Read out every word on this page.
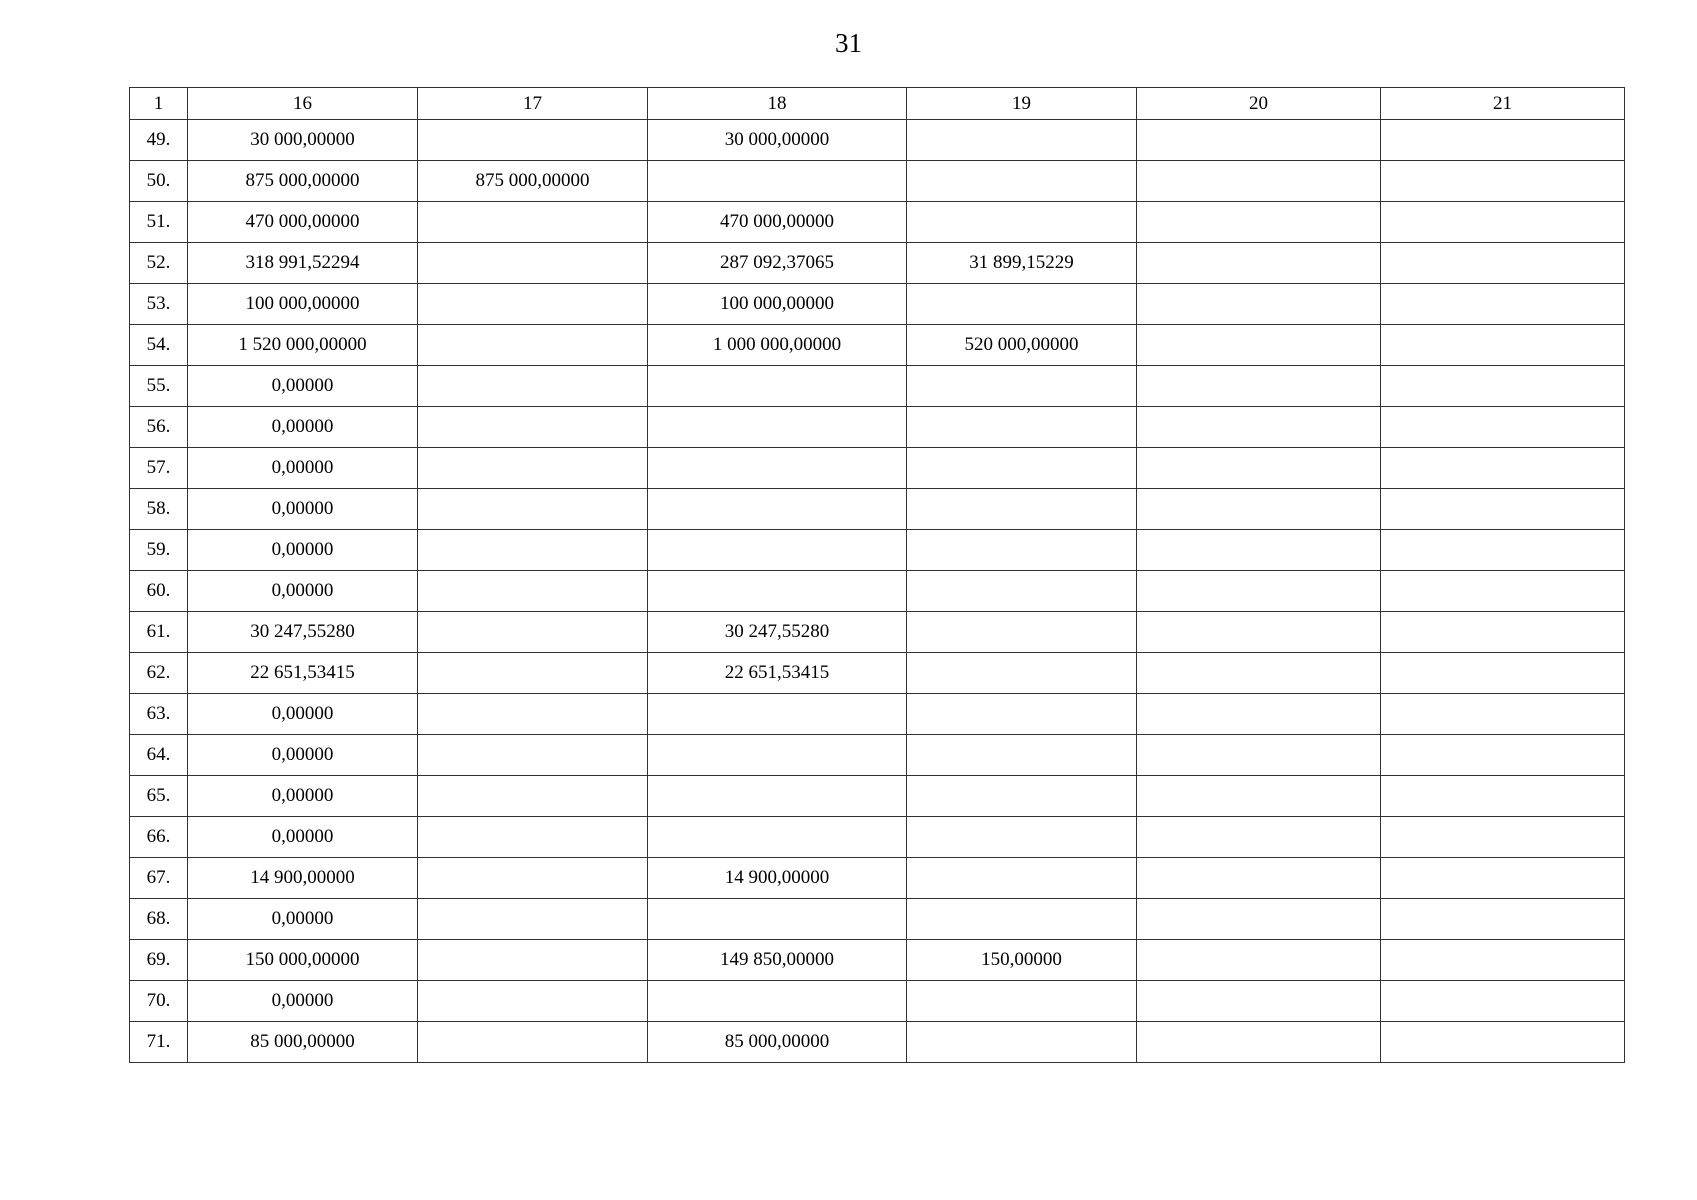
31
1	16	17	18	19	20	21
49.	30 000,00000		30 000,00000			
50.	875 000,00000	875 000,00000				
51.	470 000,00000		470 000,00000			
52.	318 991,52294		287 092,37065	31 899,15229		
53.	100 000,00000		100 000,00000			
54.	1 520 000,00000		1 000 000,00000	520 000,00000		
55.	0,00000					
56.	0,00000					
57.	0,00000					
58.	0,00000					
59.	0,00000					
60.	0,00000					
61.	30 247,55280		30 247,55280			
62.	22 651,53415		22 651,53415			
63.	0,00000					
64.	0,00000					
65.	0,00000					
66.	0,00000					
67.	14 900,00000		14 900,00000			
68.	0,00000					
69.	150 000,00000		149 850,00000	150,00000		
70.	0,00000					
71.	85 000,00000		85 000,00000			
